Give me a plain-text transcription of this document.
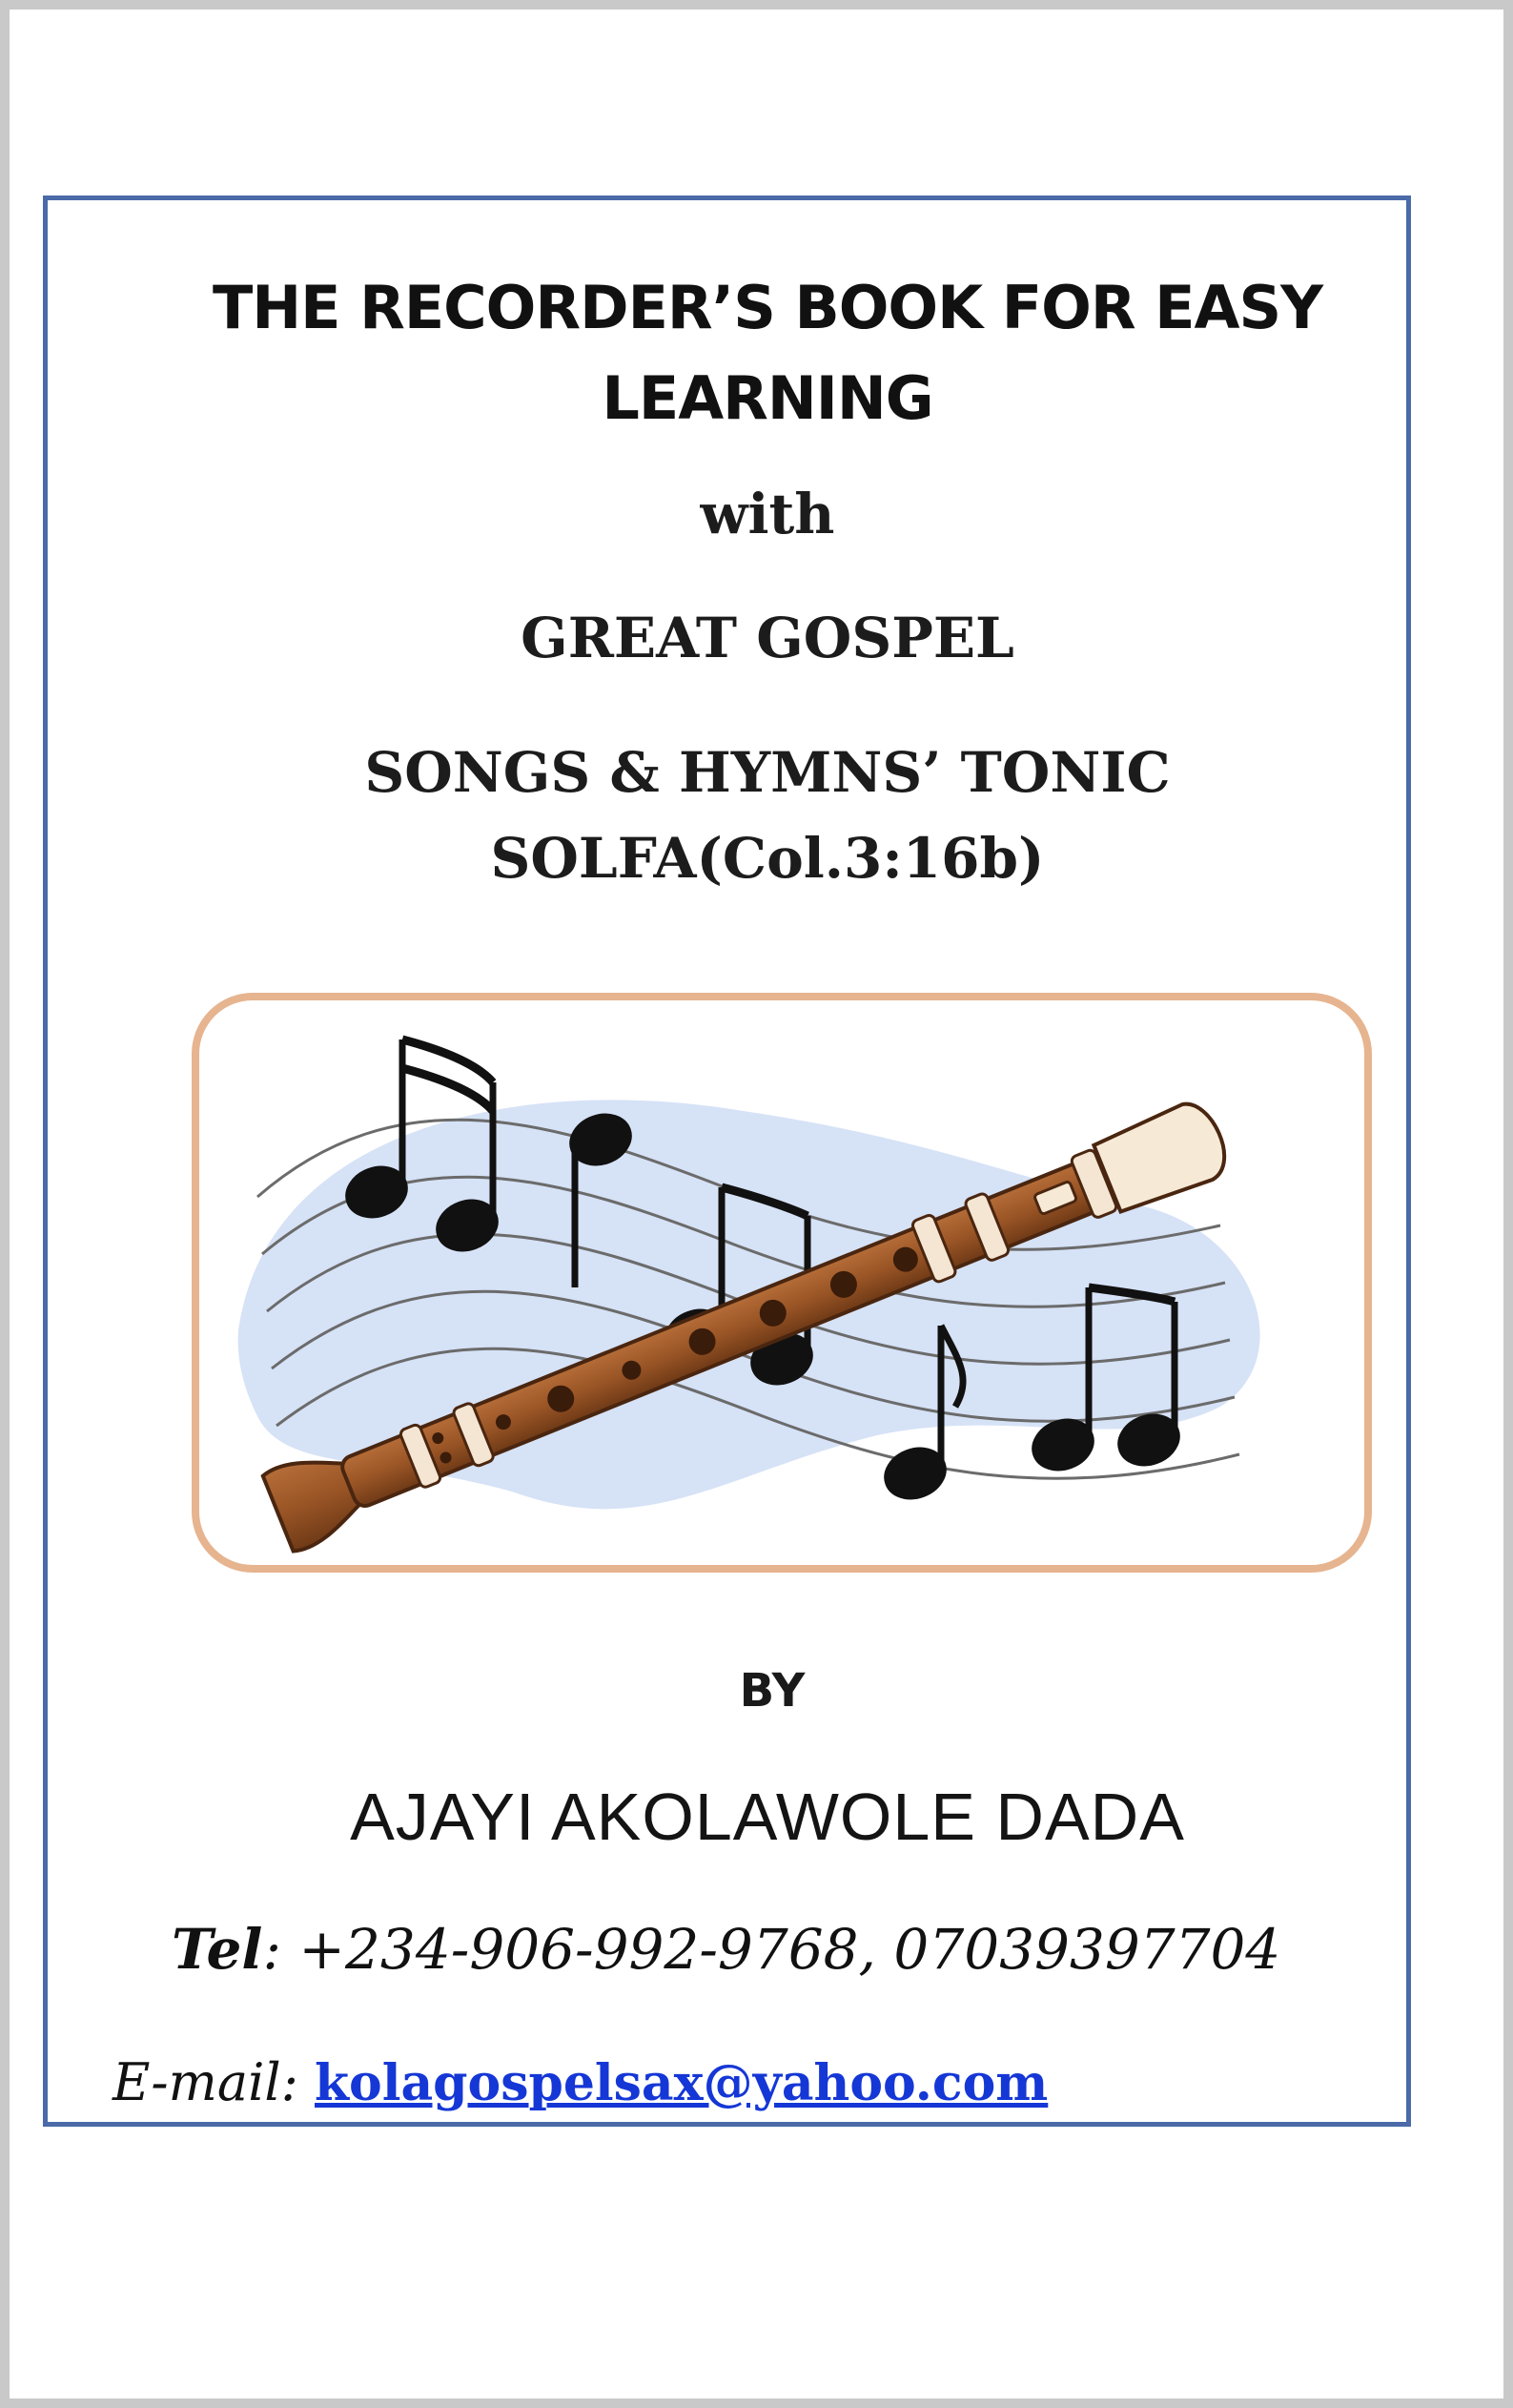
THE RECORDER’S BOOK FOR EASY LEARNING
with
GREAT GOSPEL
SONGS & HYMNS’ TONIC SOLFA(Col.3:16b)
BY
AJAYI AKOLAWOLE DADA
Tel: +234-906-992-9768, 07039397704
E-mail: kolagospelsax@yahoo.com
